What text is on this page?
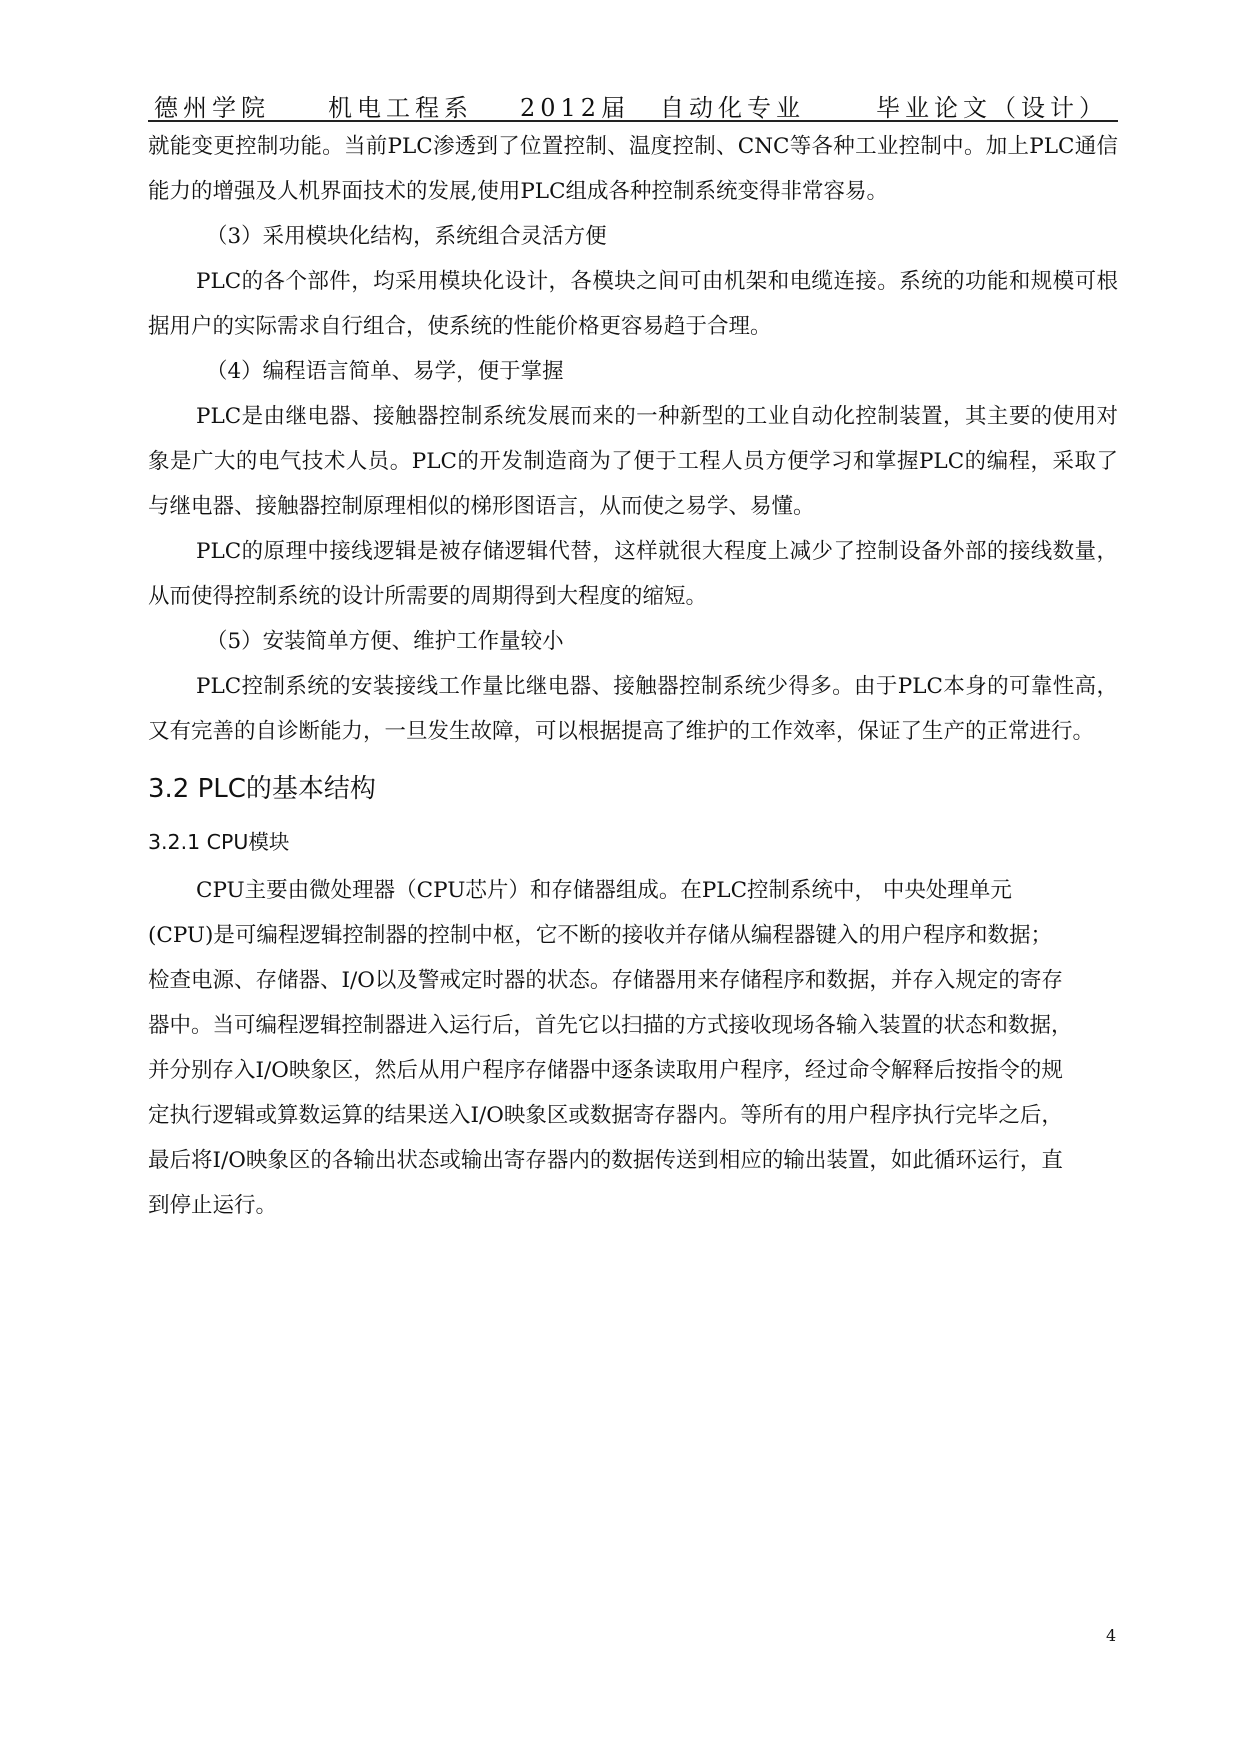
德州学院 机电工程系 2012届 自动化专业	毕业论文（设计）

就能变更控制功能。当前PLC渗透到了位置控制、温度控制、CNC等各种工业控制中。加上PLC通信能力的增强及人机界面技术的发展,使用PLC组成各种控制系统变得非常容易。

（3）采用模块化结构，系统组合灵活方便

PLC的各个部件，均采用模块化设计，各模块之间可由机架和电缆连接。系统的功能和规模可根据用户的实际需求自行组合，使系统的性能价格更容易趋于合理。

（4）编程语言简单、易学，便于掌握

PLC是由继电器、接触器控制系统发展而来的一种新型的工业自动化控制装置，其主要的使用对象是广大的电气技术人员。PLC的开发制造商为了便于工程人员方便学习和掌握PLC的编程，采取了与继电器、接触器控制原理相似的梯形图语言，从而使之易学、易懂。

PLC的原理中接线逻辑是被存储逻辑代替，这样就很大程度上减少了控制设备外部的接线数量，从而使得控制系统的设计所需要的周期得到大程度的缩短。

（5）安装简单方便、维护工作量较小

PLC控制系统的安装接线工作量比继电器、接触器控制系统少得多。由于PLC本身的可靠性高，又有完善的自诊断能力，一旦发生故障，可以根据提高了维护的工作效率，保证了生产的正常进行。

3.2 PLC的基本结构
3.2.1 CPU模块

CPU主要由微处理器（CPU芯片）和存储器组成。在PLC控制系统中， 中央处理单元(CPU)是可编程逻辑控制器的控制中枢，它不断的接收并存储从编程器键入的用户程序和数据；检查电源、存储器、I/O以及警戒定时器的状态。存储器用来存储程序和数据，并存入规定的寄存器中。当可编程逻辑控制器进入运行后，首先它以扫描的方式接收现场各输入装置的状态和数据，并分别存入I/O映象区，然后从用户程序存储器中逐条读取用户程序，经过命令解释后按指令的规定执行逻辑或算数运算的结果送入I/O映象区或数据寄存器内。等所有的用户程序执行完毕之后，最后将I/O映象区的各输出状态或输出寄存器内的数据传送到相应的输出装置，如此循环运行，直到停止运行。

4
